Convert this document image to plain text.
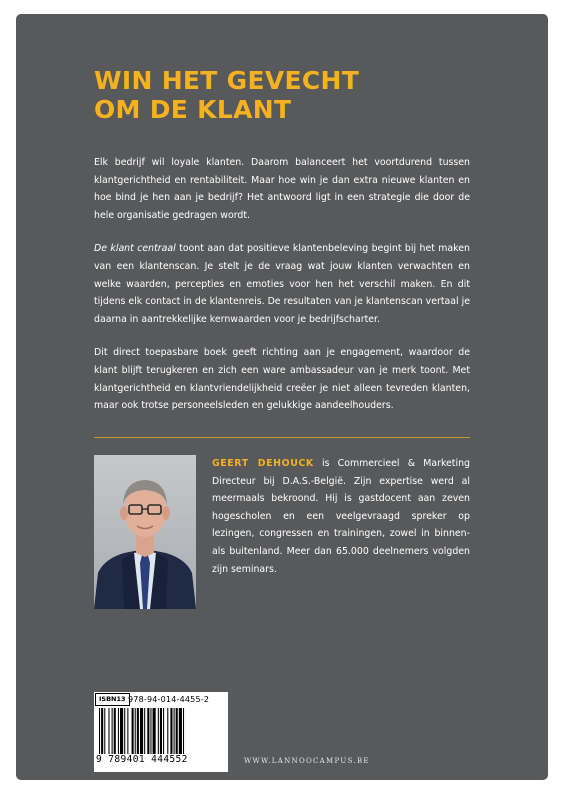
WIN HET GEVECHT
OM DE KLANT

Elk bedrijf wil loyale klanten. Daarom balanceert het voortdurend tussen klantgerichtheid en rentabiliteit. Maar hoe win je dan extra nieuwe klanten en hoe bind je hen aan je bedrijf? Het antwoord ligt in een strategie die door de hele organisatie gedragen wordt.

De klant centraal toont aan dat positieve klantenbeleving begint bij het maken van een klantenscan. Je stelt je de vraag wat jouw klanten verwachten en welke waarden, percepties en emoties voor hen het verschil maken. En dit tijdens elk contact in de klantenreis. De resultaten van je klantenscan vertaal je daarna in aantrekkelijke kernwaarden voor je bedrijfscharter.

Dit direct toepasbare boek geeft richting aan je engagement, waardoor de klant blijft terugkeren en zich een ware ambassadeur van je merk toont. Met klantgerichtheid en klantvriendelijkheid creëer je niet alleen tevreden klanten, maar ook trotse personeelsleden en gelukkige aandeelhouders.

GEERT DEHOUCK is Commercieel & Marketing Directeur bij D.A.S.-België. Zijn expertise werd al meermaals bekroond. Hij is gastdocent aan zeven hogescholen en een veelgevraagd spreker op lezingen, congressen en trainingen, zowel in binnen- als buitenland. Meer dan 65.000 deelnemers volgden zijn seminars.
ISBN13 978-94-014-4455-2
9 789401 444552	WWW.LANNOOCAMPUS.BE
